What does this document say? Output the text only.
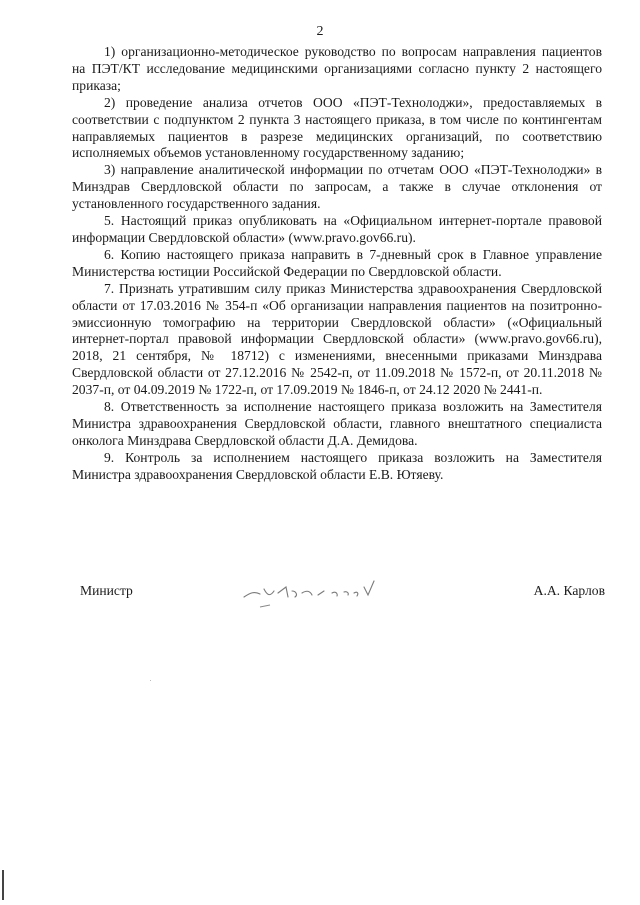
2

1) организационно-методическое руководство по вопросам направления пациентов на ПЭТ/КТ исследование медицинскими организациями согласно пункту 2 настоящего приказа;

2) проведение анализа отчетов ООО «ПЭТ-Технолоджи», предоставляемых в соответствии с подпунктом 2 пункта 3 настоящего приказа, в том числе по контингентам направляемых пациентов в разрезе медицинских организаций, по соответствию исполняемых объемов установленному государственному заданию;

3) направление аналитической информации по отчетам ООО «ПЭТ-Технолоджи» в Минздрав Свердловской области по запросам, а также в случае отклонения от установленного государственного задания.

5. Настоящий приказ опубликовать на «Официальном интернет-портале правовой информации Свердловской области» (www.pravo.gov66.ru).

6. Копию настоящего приказа направить в 7-дневный срок в Главное управление Министерства юстиции Российской Федерации по Свердловской области.

7. Признать утратившим силу приказ Министерства здравоохранения Свердловской области от 17.03.2016 № 354-п «Об организации направления пациентов на позитронно-эмиссионную томографию на территории Свердловской области» («Официальный интернет-портал правовой информации Свердловской области» (www.pravo.gov66.ru), 2018, 21 сентября, № 18712) с изменениями, внесенными приказами Минздрава Свердловской области от 27.12.2016 № 2542-п, от 11.09.2018 № 1572-п, от 20.11.2018 № 2037-п, от 04.09.2019 № 1722-п, от 17.09.2019 № 1846-п, от 24.12 2020 № 2441-п.

8. Ответственность за исполнение настоящего приказа возложить на Заместителя Министра здравоохранения Свердловской области, главного внештатного специалиста онколога Минздрава Свердловской области Д.А. Демидова.

9. Контроль за исполнением настоящего приказа возложить на Заместителя Министра здравоохранения Свердловской области Е.В. Ютяеву.

Министр	А.А. Карлов
